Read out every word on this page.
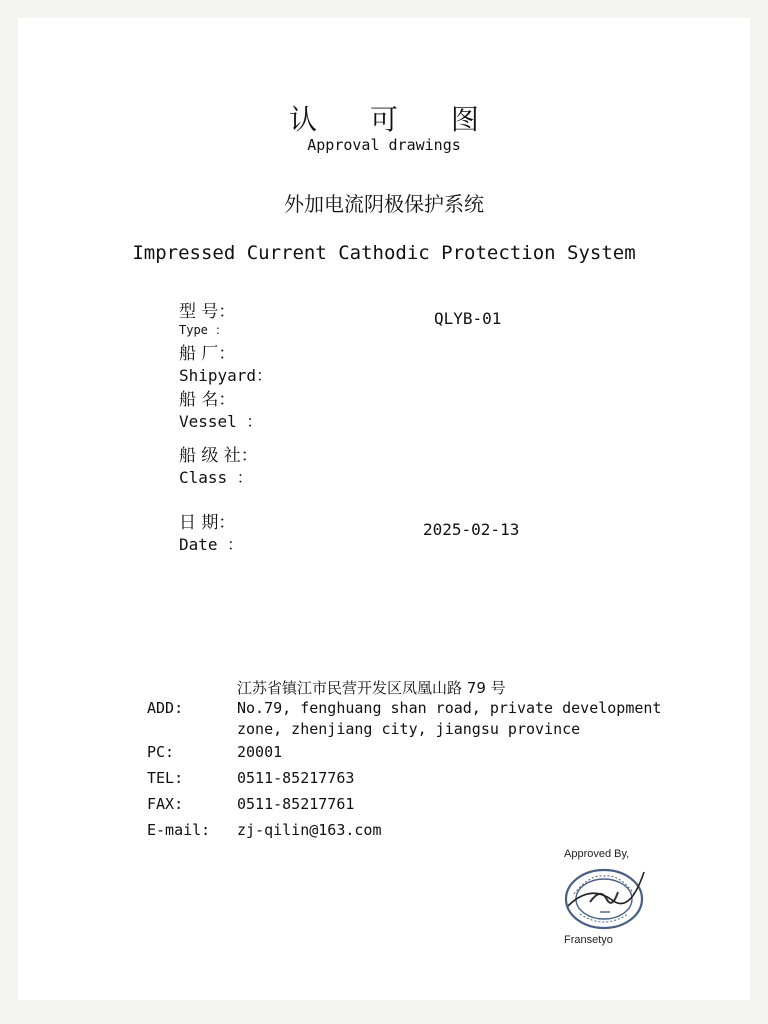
认 可 图
Approval drawings
外加电流阴极保护系统
Impressed Current Cathodic Protection System
型 号：
Type ：
QLYB-01
船 厂：
Shipyard：
船 名：
Vessel ：
船 级 社：
Class ：
日 期：
Date ：
2025-02-13
江苏省镇江市民营开发区凤凰山路 79 号
ADD:	No.79, fenghuang shan road, private development
zone, zhenjiang city, jiangsu province
PC:	20001
TEL:	0511-85217763
FAX:	0511-85217761
E-mail: zj-qilin@163.com
Approved By,
Fransetyo
